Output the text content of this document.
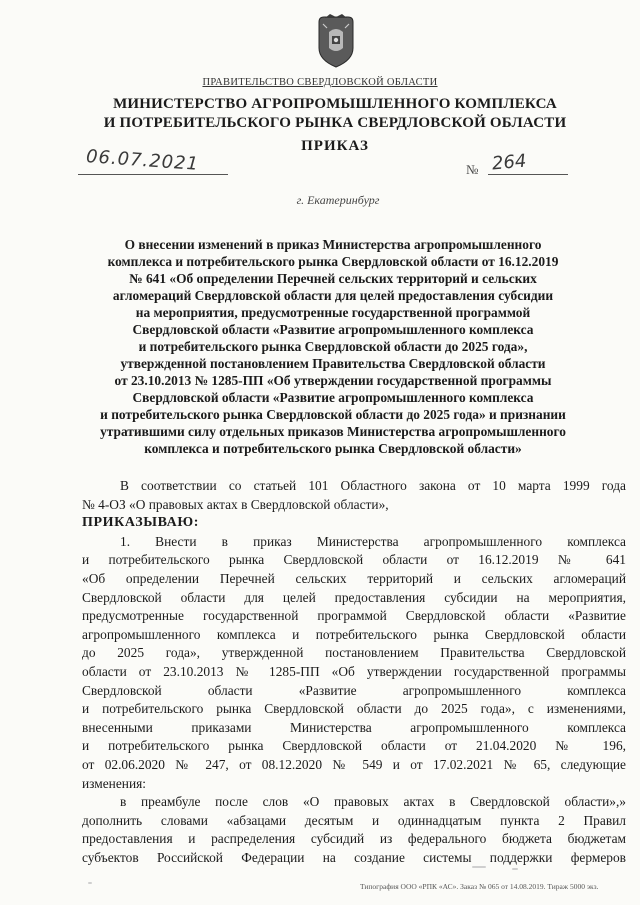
ПРАВИТЕЛЬСТВО СВЕРДЛОВСКОЙ ОБЛАСТИ
МИНИСТЕРСТВО АГРОПРОМЫШЛЕННОГО КОМПЛЕКСА
И ПОТРЕБИТЕЛЬСКОГО РЫНКА СВЕРДЛОВСКОЙ ОБЛАСТИ
ПРИКАЗ
06.07.2021	№ 264
г. Екатеринбург

О внесении изменений в приказ Министерства агропромышленного

комплекса и потребительского рынка Свердловской области от 16.12.2019

№ 641 «Об определении Перечней сельских территорий и сельских

агломераций Свердловской области для целей предоставления субсидии

на мероприятия, предусмотренные государственной программой

Свердловской области «Развитие агропромышленного комплекса

и потребительского рынка Свердловской области до 2025 года»,

утвержденной постановлением Правительства Свердловской области

от 23.10.2013 № 1285-ПП «Об утверждении государственной программы

Свердловской области «Развитие агропромышленного комплекса

и потребительского рынка Свердловской области до 2025 года» и признании

утратившими силу отдельных приказов Министерства агропромышленного

комплекса и потребительского рынка Свердловской области»

В соответствии со статьей 101 Областного закона от 10 марта 1999 года

№ 4-ОЗ «О правовых актах в Свердловской области»,

ПРИКАЗЫВАЮ:

1. Внести в приказ Министерства агропромышленного комплекса

и потребительского рынка Свердловской области от 16.12.2019 № 641

«Об определении Перечней сельских территорий и сельских агломераций

Свердловской области для целей предоставления субсидии на мероприятия,

предусмотренные государственной программой Свердловской области «Развитие

агропромышленного комплекса и потребительского рынка Свердловской области

до 2025 года», утвержденной постановлением Правительства Свердловской

области от 23.10.2013 № 1285-ПП «Об утверждении государственной программы

Свердловской области «Развитие агропромышленного комплекса

и потребительского рынка Свердловской области до 2025 года», с изменениями,

внесенными приказами Министерства агропромышленного комплекса

и потребительского рынка Свердловской области от 21.04.2020 № 196,

от 02.06.2020 № 247, от 08.12.2020 № 549 и от 17.02.2021 № 65, следующие

изменения:

в преамбуле после слов «О правовых актах в Свердловской области»,»

дополнить словами «абзацами десятым и одиннадцатым пункта 2 Правил

предоставления и распределения субсидий из федерального бюджета бюджетам

субъектов Российской Федерации на создание системы поддержки фермеров

Типография ООО «РПК «АС». Заказ № 065 от 14.08.2019. Тираж 5000 экз.
